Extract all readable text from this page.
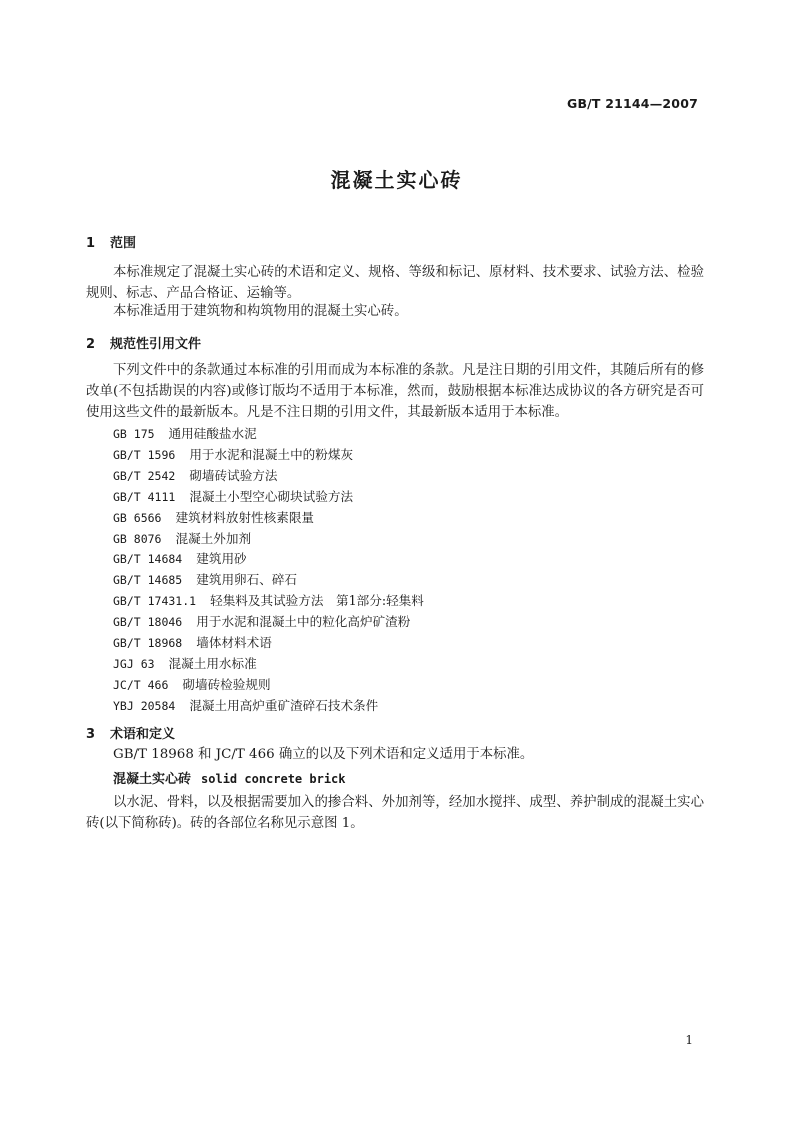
GB/T 21144—2007
混凝土实心砖
1 范围
本标准规定了混凝土实心砖的术语和定义、规格、等级和标记、原材料、技术要求、试验方法、检验规则、标志、产品合格证、运输等。
本标准适用于建筑物和构筑物用的混凝土实心砖。
2 规范性引用文件
下列文件中的条款通过本标准的引用而成为本标准的条款。凡是注日期的引用文件，其随后所有的修改单(不包括勘误的内容)或修订版均不适用于本标准，然而，鼓励根据本标准达成协议的各方研究是否可使用这些文件的最新版本。凡是不注日期的引用文件，其最新版本适用于本标准。
GB 175 通用硅酸盐水泥
GB/T 1596 用于水泥和混凝土中的粉煤灰
GB/T 2542 砌墙砖试验方法
GB/T 4111 混凝土小型空心砌块试验方法
GB 6566 建筑材料放射性核素限量
GB 8076 混凝土外加剂
GB/T 14684 建筑用砂
GB/T 14685 建筑用卵石、碎石
GB/T 17431.1 轻集料及其试验方法　第1部分:轻集料
GB/T 18046 用于水泥和混凝土中的粒化高炉矿渣粉
GB/T 18968 墙体材料术语
JGJ 63 混凝土用水标准
JC/T 466 砌墙砖检验规则
YBJ 20584 混凝土用高炉重矿渣碎石技术条件
3 术语和定义
GB/T 18968 和 JC/T 466 确立的以及下列术语和定义适用于本标准。
混凝土实心砖 solid concrete brick
以水泥、骨料，以及根据需要加入的掺合料、外加剂等，经加水搅拌、成型、养护制成的混凝土实心砖(以下简称砖)。砖的各部位名称见示意图 1。
1
